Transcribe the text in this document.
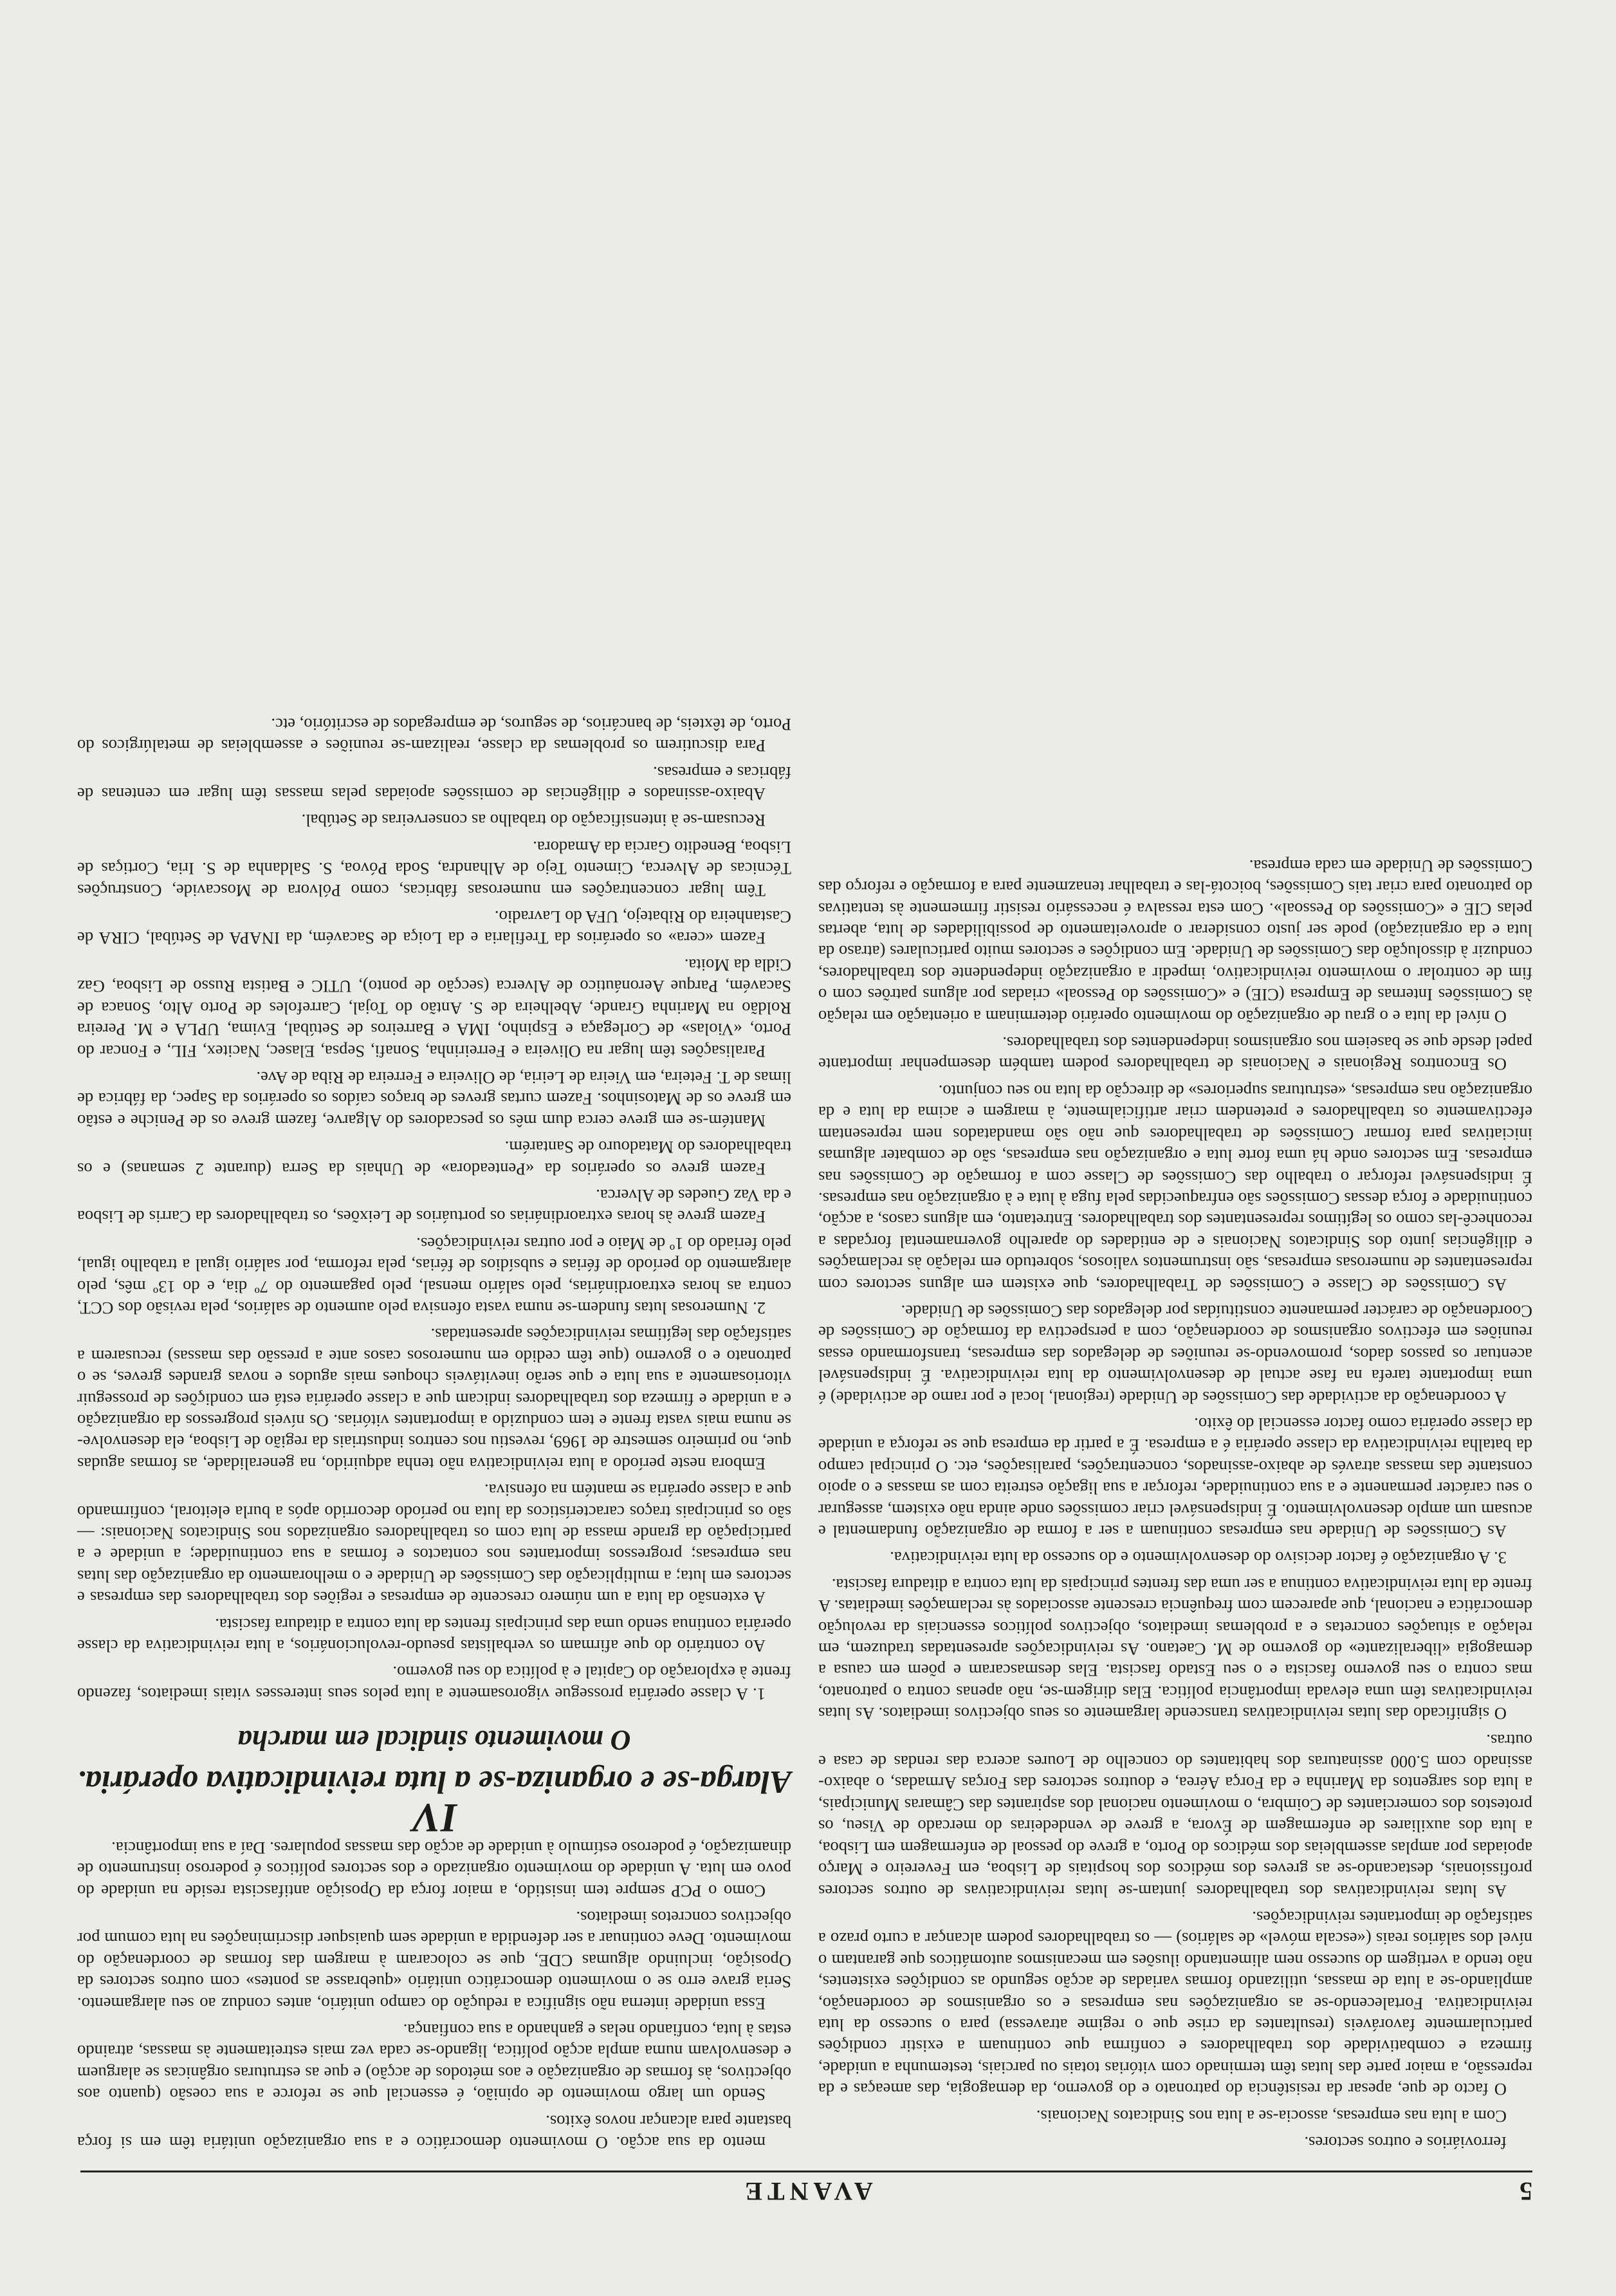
5
AVANTE

ferroviários e outros sectores.

Com a luta nas empresas, associa-se a luta nos Sindicatos Nacionais.

O facto de que, apesar da resistência do patronato e do governo, da demagogia, das ameaças e da repressão, a maior parte das lutas têm terminado com vitórias totais ou parciais, testemunha a unidade, firmeza e combatividade dos trabalhadores e confirma que continuam a existir condições particularmente favoráveis (resultantes da crise que o regime atravessa) para o sucesso da luta reivindicativa. Fortalecendo-se as organizações nas empresas e os organismos de coordenação, ampliando-se a luta de massas, utilizando formas variadas de acção segundo as condições existentes, não tendo a vertigem do sucesso nem alimentando ilusões em mecanismos automáticos que garantam o nível dos salários reais («escala móvel» de salários) — os trabalhadores podem alcançar a curto prazo a satisfação de importantes reivindicações.

As lutas reivindicativas dos trabalhadores juntam-se lutas reivindicativas de outros sectores profissionais, destacando-se as greves dos médicos dos hospitais de Lisboa, em Fevereiro e Março apoiadas por amplas assembleias dos médicos do Porto, a greve do pessoal de enfermagem em Lisboa, a luta dos auxiliares de enfermagem de Évora, a greve de vendedeiras do mercado de Viseu, os protestos dos comerciantes de Coimbra, o movimento nacional dos aspirantes das Câmaras Municipais, a luta dos sargentos da Marinha e da Força Aérea, e doutros sectores das Forças Armadas, o abaixo-assinado com 5.000 assinaturas dos habitantes do concelho de Loures acerca das rendas de casa e outras.

O significado das lutas reivindicativas transcende largamente os seus objectivos imediatos. As lutas reivindicativas têm uma elevada importância política. Elas dirigem-se, não apenas contra o patronato, mas contra o seu governo fascista e o seu Estado fascista. Elas desmascaram e põem em causa a demagogia «liberalizante» do governo de M. Caetano. As reivindicações apresentadas traduzem, em relação a situações concretas e a problemas imediatos, objectivos políticos essenciais da revolução democrática e nacional, que aparecem com frequência crescente associados às reclamações imediatas. A frente da luta reivindicativa continua a ser uma das frentes principais da luta contra a ditadura fascista.

3. A organização é factor decisivo do desenvolvimento e do sucesso da luta reivindicativa.

As Comissões de Unidade nas empresas continuam a ser a forma de organização fundamental e acusam um amplo desenvolvimento. É indispensável criar comissões onde ainda não existem, assegurar o seu carácter permanente e a sua continuidade, reforçar a sua ligação estreita com as massas e o apoio constante das massas através de abaixo-assinados, concentrações, paralisações, etc. O principal campo da batalha reivindicativa da classe operária é a empresa. É a partir da empresa que se reforça a unidade da classe operária como factor essencial do êxito.

A coordenação da actividade das Comissões de Unidade (regional, local e por ramo de actividade) é uma importante tarefa na fase actual de desenvolvimento da luta reivindicativa. É indispensável acentuar os passos dados, promovendo-se reuniões de delegados das empresas, transformando essas reuniões em efectivos organismos de coordenação, com a perspectiva da formação de Comissões de Coordenação de carácter permanente constituídas por delegados das Comissões de Unidade.

As Comissões de Classe e Comissões de Trabalhadores, que existem em alguns sectores com representantes de numerosas empresas, são instrumentos valiosos, sobretudo em relação às reclamações e diligências junto dos Sindicatos Nacionais e de entidades do aparelho governamental forçadas a reconhecê-las como os legítimos representantes dos trabalhadores. Entretanto, em alguns casos, a acção, continuidade e força dessas Comissões são enfraquecidas pela fuga à luta e à organização nas empresas. É indispensável reforçar o trabalho das Comissões de Classe com a formação de Comissões nas empresas. Em sectores onde há uma forte luta e organização nas empresas, são de combater algumas iniciativas para formar Comissões de trabalhadores que não são mandatados nem representam efectivamente os trabalhadores e pretendem criar artificialmente, à margem e acima da luta e da organização nas empresas, «estruturas superiores» de direcção da luta no seu conjunto.

Os Encontros Regionais e Nacionais de trabalhadores podem também desempenhar importante papel desde que se baseiem nos organismos independentes dos trabalhadores.

O nível da luta e o grau de organização do movimento operário determinam a orientação em relação às Comissões Internas de Empresa (CIE) e «Comissões do Pessoal» criadas por alguns patrões com o fim de controlar o movimento reivindicativo, impedir a organização independente dos trabalhadores, conduzir à dissolução das Comissões de Unidade. Em condições e sectores muito particulares (atraso da luta e da organização) pode ser justo considerar o aproveitamento de possibilidades de luta, abertas pelas CIE e «Comissões do Pessoal». Com esta ressalva é necessário resistir firmemente às tentativas do patronato para criar tais Comissões, boicotá-las e trabalhar tenazmente para a formação e reforço das Comissões de Unidade em cada empresa.

mento da sua acção. O movimento democrático e a sua organização unitária têm em si força bastante para alcançar novos êxitos.

Sendo um largo movimento de opinião, é essencial que se reforce a sua coesão (quanto aos objectivos, às formas de organização e aos métodos de acção) e que as estruturas orgânicas se alarguem e desenvolvam numa ampla acção política, ligando-se cada vez mais estreitamente às massas, atraindo estas à luta, confiando nelas e ganhando a sua confiança.

Essa unidade interna não significa a redução do campo unitário, antes conduz ao seu alargamento. Seria grave erro se o movimento democrático unitário «quebrasse as pontes» com outros sectores da Oposição, incluindo algumas CDE, que se colocaram à margem das formas de coordenação do movimento. Deve continuar a ser defendida a unidade sem quaisquer discriminações na luta comum por objectivos concretos imediatos.

Como o PCP sempre tem insistido, a maior força da Oposição antifascista reside na unidade do povo em luta. A unidade do movimento organizado e dos sectores políticos é poderoso instrumento de dinamização, é poderoso estímulo à unidade de acção das massas populares. Daí a sua importância.

IV
Alarga-se e organiza-se a luta reivindicativa operária.
O movimento sindical em marcha

1. A classe operária prossegue vigorosamente a luta pelos seus interesses vitais imediatos, fazendo frente à exploração do Capital e à política do seu governo.

Ao contrário do que afirmam os verbalistas pseudo-revolucionários, a luta reivindicativa da classe operária continua sendo uma das principais frentes da luta contra a ditadura fascista.

A extensão da luta a um número crescente de empresas e regiões dos trabalhadores das empresas e sectores em luta; a multiplicação das Comissões de Unidade e o melhoramento da organização das lutas nas empresas; progressos importantes nos contactos e formas a sua continuidade; a unidade e a participação da grande massa de luta com os trabalhadores organizados nos Sindicatos Nacionais: — são os principais traços característicos da luta no período decorrido após a burla eleitoral, confirmando que a classe operária se mantém na ofensiva.

Embora neste período a luta reivindicativa não tenha adquirido, na generalidade, as formas agudas que, no primeiro semestre de 1969, revestiu nos centros industriais da região de Lisboa, ela desenvolve-se numa mais vasta frente e tem conduzido a importantes vitórias. Os níveis progressos da organização e a unidade e firmeza dos trabalhadores indicam que a classe operária está em condições de prosseguir vitoriosamente a sua luta e que serão inevitáveis choques mais agudos e novas grandes greves, se o patronato e o governo (que têm cedido em numerosos casos ante a pressão das massas) recusarem a satisfação das legítimas reivindicações apresentadas.

2. Numerosas lutas fundem-se numa vasta ofensiva pelo aumento de salários, pela revisão dos CCT, contra as horas extraordinárias, pelo salário mensal, pelo pagamento do 7º dia, e do 13º mês, pelo alargamento do período de férias e subsídios de férias, pela reforma, por salário igual a trabalho igual, pelo feriado do 1º de Maio e por outras reivindicações.

Fazem greve às horas extraordinárias os portuários de Leixões, os trabalhadores da Carris de Lisboa e da Vaz Guedes de Alverca.

Fazem greve os operários da «Penteadora» de Unhais da Serra (durante 2 semanas) e os trabalhadores do Matadouro de Santarém.

Mantém-se em greve cerca dum mês os pescadores do Algarve, fazem greve os de Peniche e estão em greve os de Matosinhos. Fazem curtas greves de braços caídos os operários da Sapec, da fábrica de limas de T. Feteira, em Vieira de Leiria, de Oliveira e Ferreira de Riba de Ave.

Paralisações têm lugar na Oliveira e Ferreirinha, Sonafi, Sepsa, Elasec, Nacitex, FIL, e Foncar do Porto, «Violas» de Corlegaça e Espinho, IMA e Barreiros de Setúbal, Evima, UPLA e M. Pereira Roldão na Marinha Grande, Abelheira de S. Antão do Tojal, Carrefoles de Porto Alto, Sonaca de Sacavém, Parque Aeronáutico de Alverca (secção de ponto), UTIC e Batista Russo de Lisboa, Gaz Cidla da Moita.

Fazem «cera» os operários da Trefilaria e da Loiça de Sacavém, da INAPA de Setúbal, CIRA de Castanheira do Ribatejo, UFA do Lavradio.

Têm lugar concentrações em numerosas fábricas, como Pólvora de Moscavide, Construções Técnicas de Alverca, Cimento Tejo de Alhandra, Soda Póvoa, S. Saldanha de S. Iria, Cortiças de Lisboa, Benedito Garcia da Amadora.

Recusam-se à intensificação do trabalho as conserveiras de Setúbal.

Abaixo-assinados e diligências de comissões apoiadas pelas massas têm lugar em centenas de fábricas e empresas.

Para discutirem os problemas da classe, realizam-se reuniões e assembleias de metalúrgicos do Porto, de têxteis, de bancários, de seguros, de empregados de escritório, etc.
